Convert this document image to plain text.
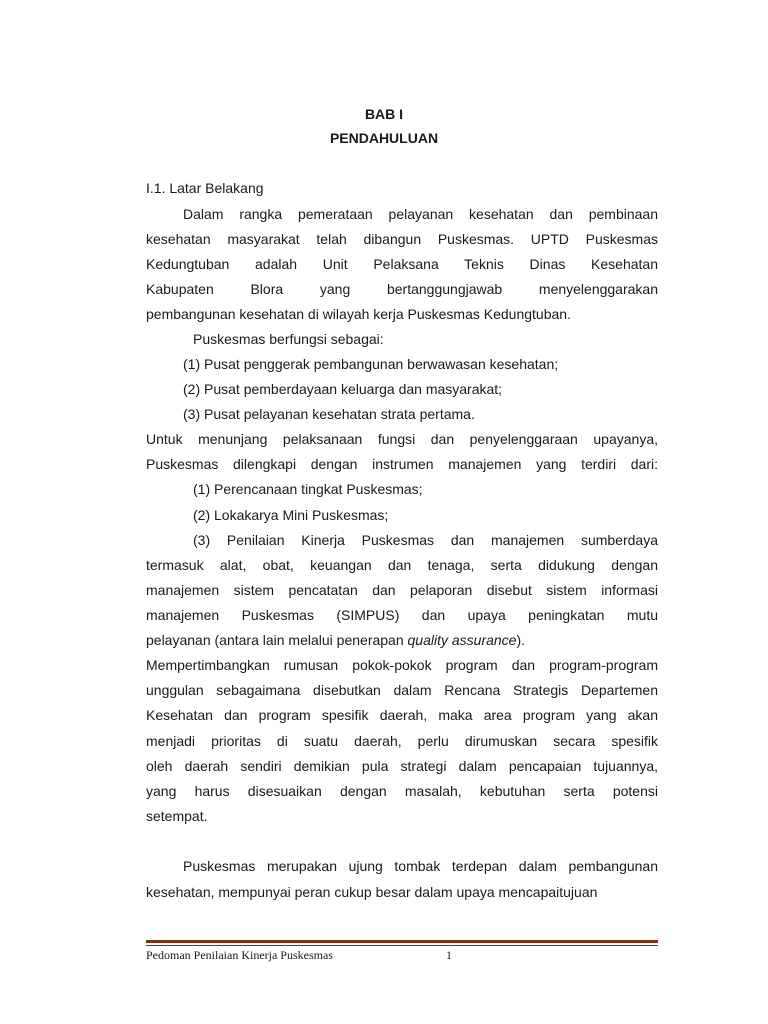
BAB I
PENDAHULUAN
I.1. Latar Belakang
Dalam rangka pemerataan pelayanan kesehatan dan pembinaan
kesehatan masyarakat telah dibangun Puskesmas. UPTD Puskesmas
Kedungtuban adalah Unit Pelaksana Teknis Dinas Kesehatan
Kabupaten Blora yang bertanggungjawab menyelenggarakan
pembangunan kesehatan di wilayah kerja Puskesmas Kedungtuban.
Puskesmas berfungsi sebagai:
(1) Pusat penggerak pembangunan berwawasan kesehatan;
(2) Pusat pemberdayaan keluarga dan masyarakat;
(3) Pusat pelayanan kesehatan strata pertama.
Untuk menunjang pelaksanaan fungsi dan penyelenggaraan upayanya,
Puskesmas dilengkapi dengan instrumen manajemen yang terdiri dari:
(1) Perencanaan tingkat Puskesmas;
(2) Lokakarya Mini Puskesmas;
(3) Penilaian Kinerja Puskesmas dan manajemen sumberdaya
termasuk alat, obat, keuangan dan tenaga, serta didukung dengan
manajemen sistem pencatatan dan pelaporan disebut sistem informasi
manajemen Puskesmas (SIMPUS) dan upaya peningkatan mutu
pelayanan (antara lain melalui penerapan quality assurance).
Mempertimbangkan rumusan pokok-pokok program dan program-program
unggulan sebagaimana disebutkan dalam Rencana Strategis Departemen
Kesehatan dan program spesifik daerah, maka area program yang akan
menjadi prioritas di suatu daerah, perlu dirumuskan secara spesifik
oleh daerah sendiri demikian pula strategi dalam pencapaian tujuannya,
yang harus disesuaikan dengan masalah, kebutuhan serta potensi
setempat.
Puskesmas merupakan ujung tombak terdepan dalam pembangunan
kesehatan, mempunyai peran cukup besar dalam upaya mencapaitujuan
Pedoman Penilaian Kinerja Puskesmas	1
